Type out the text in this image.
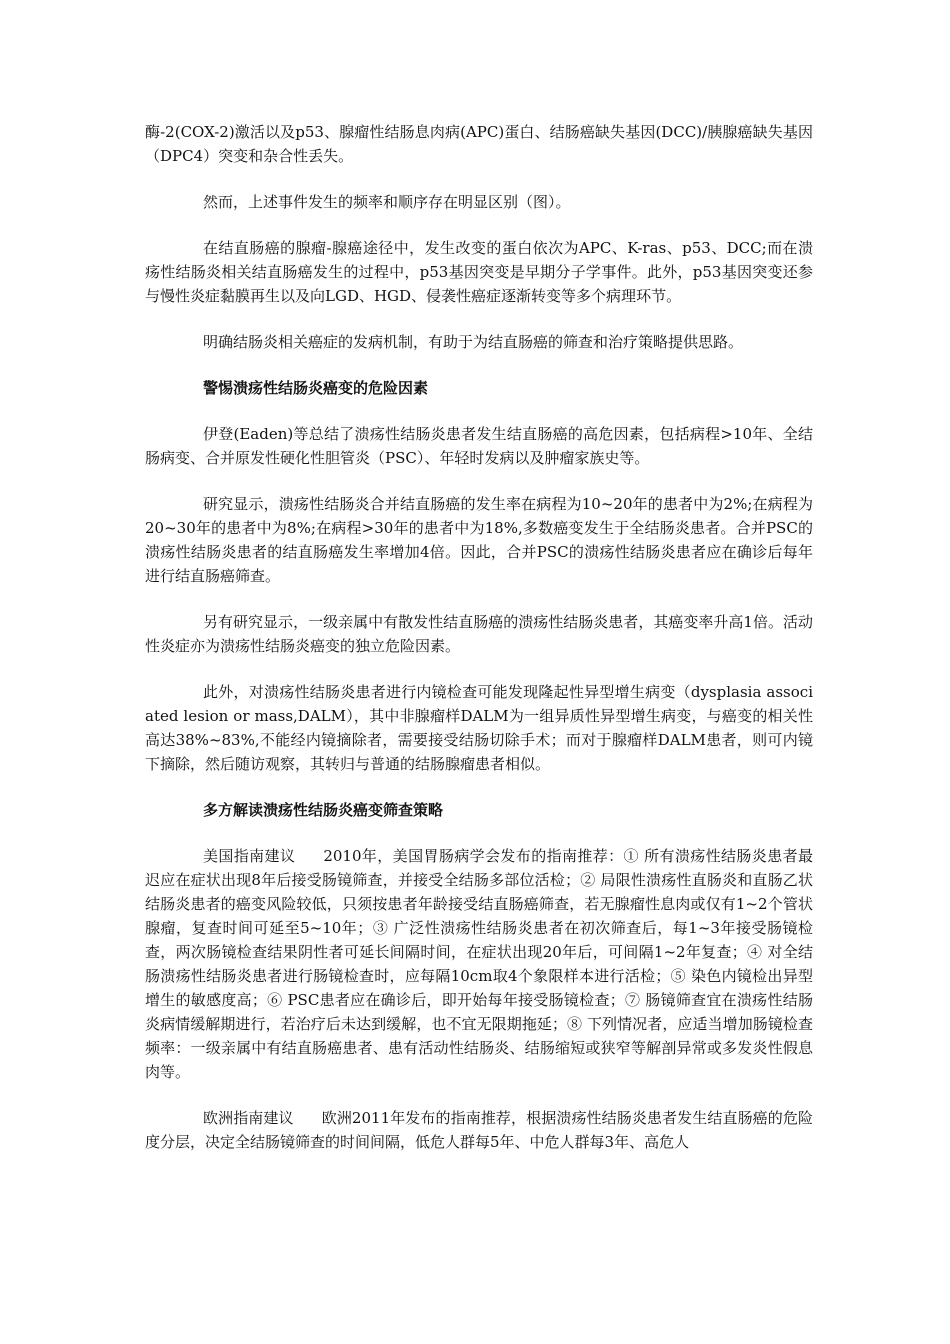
酶-2(COX-2)激活以及p53、腺瘤性结肠息肉病(APC)蛋白、结肠癌缺失基因(DCC)/胰腺癌缺失基因（DPC4）突变和杂合性丢失。

然而，上述事件发生的频率和顺序存在明显区别（图）。

在结直肠癌的腺瘤-腺癌途径中，发生改变的蛋白依次为APC、K-ras、p53、DCC;而在溃疡性结肠炎相关结直肠癌发生的过程中，p53基因突变是早期分子学事件。此外，p53基因突变还参与慢性炎症黏膜再生以及向LGD、HGD、侵袭性癌症逐渐转变等多个病理环节。

明确结肠炎相关癌症的发病机制，有助于为结直肠癌的筛查和治疗策略提供思路。

警惕溃疡性结肠炎癌变的危险因素

伊登(Eaden)等总结了溃疡性结肠炎患者发生结直肠癌的高危因素，包括病程>10年、全结肠病变、合并原发性硬化性胆管炎（PSC）、年轻时发病以及肿瘤家族史等。

研究显示，溃疡性结肠炎合并结直肠癌的发生率在病程为10~20年的患者中为2%;在病程为20~30年的患者中为8%;在病程>30年的患者中为18%,多数癌变发生于全结肠炎患者。合并PSC的溃疡性结肠炎患者的结直肠癌发生率增加4倍。因此，合并PSC的溃疡性结肠炎患者应在确诊后每年进行结直肠癌筛查。

另有研究显示，一级亲属中有散发性结直肠癌的溃疡性结肠炎患者，其癌变率升高1倍。活动性炎症亦为溃疡性结肠炎癌变的独立危险因素。

此外，对溃疡性结肠炎患者进行内镜检查可能发现隆起性异型增生病变（dysplasia associated lesion or mass,DALM），其中非腺瘤样DALM为一组异质性异型增生病变，与癌变的相关性高达38%~83%,不能经内镜摘除者，需要接受结肠切除手术；而对于腺瘤样DALM患者，则可内镜下摘除，然后随访观察，其转归与普通的结肠腺瘤患者相似。

多方解读溃疡性结肠炎癌变筛查策略

美国指南建议 2010年，美国胃肠病学会发布的指南推荐：① 所有溃疡性结肠炎患者最迟应在症状出现8年后接受肠镜筛查，并接受全结肠多部位活检；② 局限性溃疡性直肠炎和直肠乙状结肠炎患者的癌变风险较低，只须按患者年龄接受结直肠癌筛查，若无腺瘤性息肉或仅有1~2个管状腺瘤，复查时间可延至5~10年；③ 广泛性溃疡性结肠炎患者在初次筛查后，每1~3年接受肠镜检查，两次肠镜检查结果阴性者可延长间隔时间，在症状出现20年后，可间隔1~2年复查；④ 对全结肠溃疡性结肠炎患者进行肠镜检查时，应每隔10cm取4个象限样本进行活检；⑤ 染色内镜检出异型增生的敏感度高；⑥ PSC患者应在确诊后，即开始每年接受肠镜检查；⑦ 肠镜筛查宜在溃疡性结肠炎病情缓解期进行，若治疗后未达到缓解，也不宜无限期拖延；⑧ 下列情况者，应适当增加肠镜检查频率：一级亲属中有结直肠癌患者、患有活动性结肠炎、结肠缩短或狭窄等解剖异常或多发炎性假息肉等。

欧洲指南建议 欧洲2011年发布的指南推荐，根据溃疡性结肠炎患者发生结直肠癌的危险度分层，决定全结肠镜筛查的时间间隔，低危人群每5年、中危人群每3年、高危人
